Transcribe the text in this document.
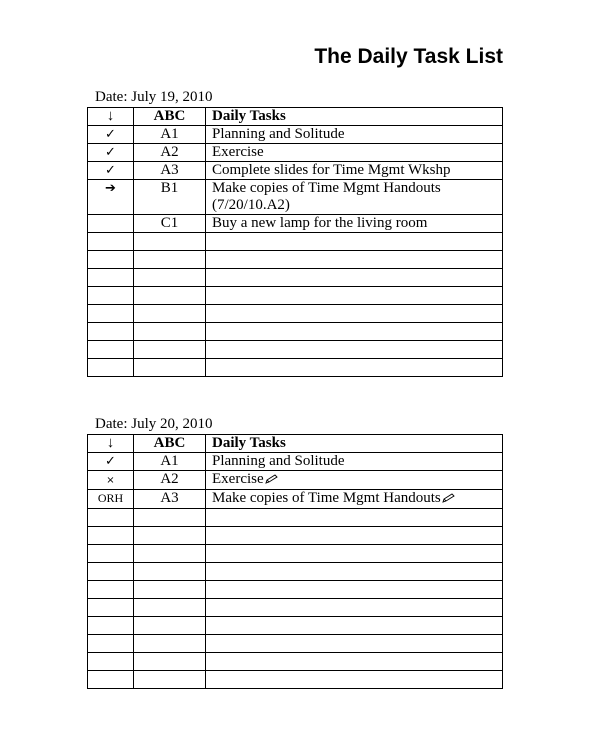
The Daily Task List
Date: July 19, 2010
↓	ABC	Daily Tasks
✓	A1	Planning and Solitude
✓	A2	Exercise
✓	A3	Complete slides for Time Mgmt Wkshp
➔	B1	Make copies of Time Mgmt Handouts
(7/20/10.A2)
	C1	Buy a new lamp for the living room

Date: July 20, 2010
↓	ABC	Daily Tasks
✓	A1	Planning and Solitude
×	A2	Exercise
ORH	A3	Make copies of Time Mgmt Handouts
